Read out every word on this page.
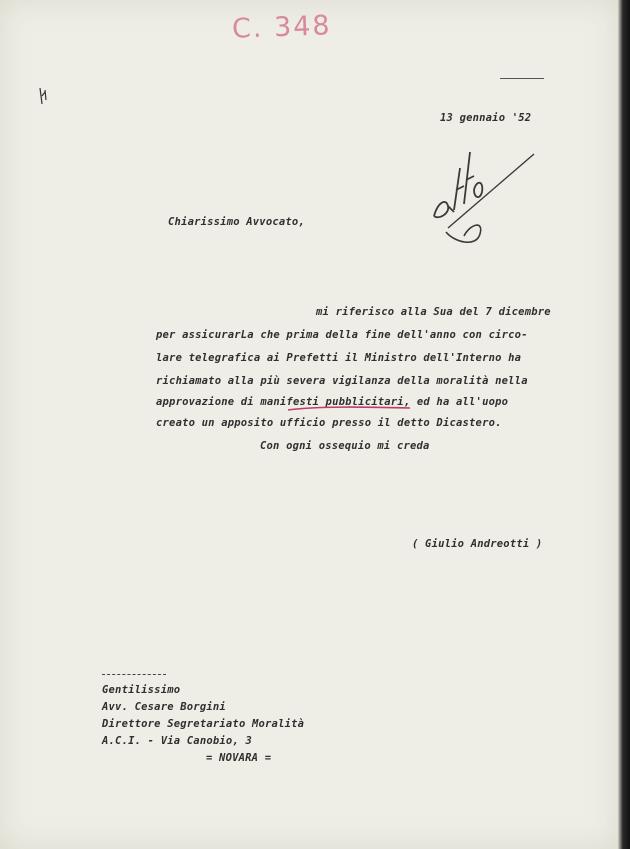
C. 348
13 gennaio '52
Chiarissimo Avvocato,
mi riferisco alla Sua del 7 dicembre
per assicurarLa che prima della fine dell'anno con circo-
lare telegrafica ai Prefetti il Ministro dell'Interno ha
richiamato alla più severa vigilanza della moralità nella
approvazione di manifesti pubblicitari, ed ha all'uopo
creato un apposito ufficio presso il detto Dicastero.
Con ogni ossequio mi creda
( Giulio Andreotti )
Gentilissimo
Avv. Cesare Borgini
Direttore Segretariato Moralità
A.C.I. - Via Canobio, 3
= NOVARA =
